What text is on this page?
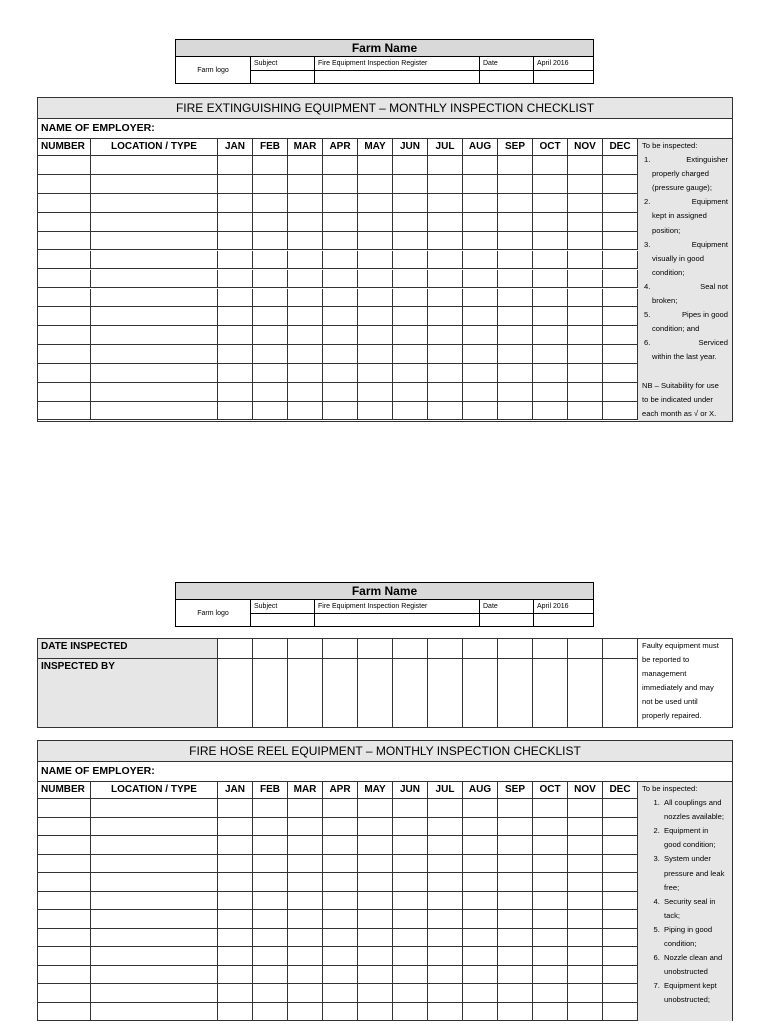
Farm Name				
Farm logo	Subject	Fire Equipment Inspection Register	Date	April 2016

FIRE EXTINGUISHING EQUIPMENT – MONTHLY INSPECTION CHECKLIST
NAME OF EMPLOYER:
NUMBER	LOCATION / TYPE	JAN	FEB	MAR	APR	MAY	JUN	JUL	AUG	SEP	OCT	NOV	DEC	To be inspected:
1.	Extinguisher
properly charged
(pressure gauge);
2.	Equipment
kept in assigned
position;
3.	Equipment
visually in good
condition;
4.	Seal not
broken;
5.	Pipes in good
condition; and
6.	Serviced
within the last year.
NB – Suitability for use
to be indicated under
each month as √ or X.
Farm Name				
Farm logo	Subject	Fire Equipment Inspection Register	Date	April 2016

DATE INSPECTED
INSPECTED BY
Faulty equipment must
be reported to
management
immediately and may
not be used until
properly repaired.
FIRE HOSE REEL EQUIPMENT – MONTHLY INSPECTION CHECKLIST
NAME OF EMPLOYER:
NUMBER	LOCATION / TYPE	JAN	FEB	MAR	APR	MAY	JUN	JUL	AUG	SEP	OCT	NOV	DEC	To be inspected:
1. All couplings and
nozzles available;
2. Equipment in
good condition;
3. System under
pressure and leak
free;
4. Security seal in
tack;
5. Piping in good
condition;
6. Nozzle clean and
unobstructed
7. Equipment kept
unobstructed;
